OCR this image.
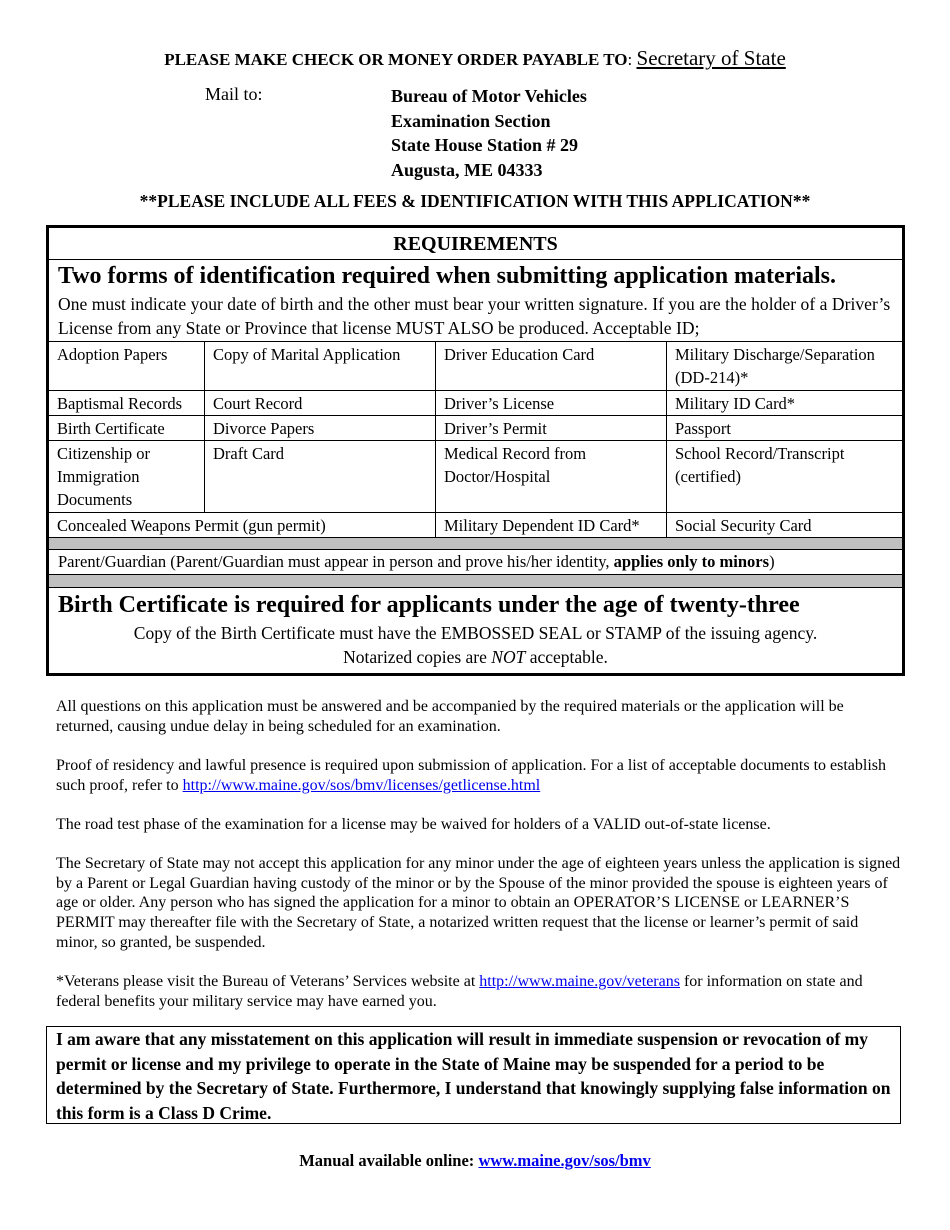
PLEASE MAKE CHECK OR MONEY ORDER PAYABLE TO: Secretary of State
Mail to:	Bureau of Motor Vehicles
Examination Section
State House Station # 29
Augusta, ME 04333
**PLEASE INCLUDE ALL FEES & IDENTIFICATION WITH THIS APPLICATION**
REQUIREMENTS
Two forms of identification required when submitting application materials.
One must indicate your date of birth and the other must bear your written signature. If you are the holder of a Driver’s License from any State or Province that license MUST ALSO be produced. Acceptable ID;
Adoption Papers	Copy of Marital Application	Driver Education Card	Military Discharge/Separation (DD-214)*
Baptismal Records	Court Record	Driver’s License	Military ID Card*
Birth Certificate	Divorce Papers	Driver’s Permit	Passport
Citizenship or Immigration Documents	Draft Card	Medical Record from Doctor/Hospital	School Record/Transcript (certified)
Concealed Weapons Permit (gun permit)		Military Dependent ID Card*	Social Security Card
Parent/Guardian (Parent/Guardian must appear in person and prove his/her identity, applies only to minors)
Birth Certificate is required for applicants under the age of twenty-three
Copy of the Birth Certificate must have the EMBOSSED SEAL or STAMP of the issuing agency.
Notarized copies are NOT acceptable.
All questions on this application must be answered and be accompanied by the required materials or the application will be returned, causing undue delay in being scheduled for an examination.
Proof of residency and lawful presence is required upon submission of application. For a list of acceptable documents to establish such proof, refer to http://www.maine.gov/sos/bmv/licenses/getlicense.html
The road test phase of the examination for a license may be waived for holders of a VALID out-of-state license.
The Secretary of State may not accept this application for any minor under the age of eighteen years unless the application is signed by a Parent or Legal Guardian having custody of the minor or by the Spouse of the minor provided the spouse is eighteen years of age or older. Any person who has signed the application for a minor to obtain an OPERATOR’S LICENSE or LEARNER’S PERMIT may thereafter file with the Secretary of State, a notarized written request that the license or learner’s permit of said minor, so granted, be suspended.
*Veterans please visit the Bureau of Veterans’ Services website at http://www.maine.gov/veterans for information on state and federal benefits your military service may have earned you.
I am aware that any misstatement on this application will result in immediate suspension or revocation of my permit or license and my privilege to operate in the State of Maine may be suspended for a period to be determined by the Secretary of State. Furthermore, I understand that knowingly supplying false information on this form is a Class D Crime.
Manual available online: www.maine.gov/sos/bmv
